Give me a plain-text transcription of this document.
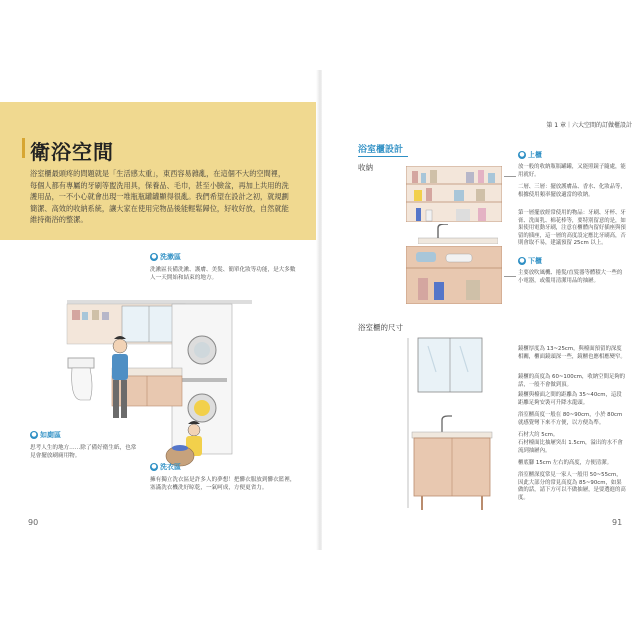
衛浴空間
浴室櫃最頭疼的問題就是「生活感太重」，東西容易雜亂，在這個不大的空間裡，每個人都有專屬的牙刷等盥洗用具，保養品、毛巾，甚至小臉盆，再加上共用的洗護用品，一不小心就會出現一堆瓶瓶罐罐顯得很亂。我們希望在設計之初，就規劃簡潔、高效的收納系統，讓大家在使用完物品後能輕鬆歸位，好收好放，自然就能維持衛浴的整潔。
● 洗漱區
洗漱區長備洗漱、護膚、美髮、簡單化妝等功能，是大多數人一天開始和結束的地方。
● 如廁區
思考人生的地方……除了備好衛生紙，也常見會擺放刷廁用物。
● 洗衣區
擁有獨立洗衣區是許多人的夢想！把髒衣服放到髒衣籃裡，塞滿洗衣機洗好晾乾，一氣呵成，方便更省力。
90
第 1 章｜六大空間的訂做櫃設計
浴室櫃設計
收納
● 上櫃
放一般的收納瓶瓶罐罐，又能照鏡子隨處，能用就好。
二層、三層：擺放護膚品、香水、化妝品等，根據使用頻率擺放適當的收納。
第一層擺放經常使用的物品：牙刷、牙杯、牙膏、洗面乳、棉花棒等，要特別留意的是，如果使用電動牙刷，注意在櫃體內留好插座與預留的插座，這一層的高度設定應比牙刷高，否則會取不易，建議預留 25cm 以上。
● 下櫃
主要放吹風機、捲髮/直髮器等體積大一些的小電器，或備用清潔用品的抽屜。
浴室櫃的尺寸
鏡櫃厚度為 13~25cm，與檯面預留的深度相關，櫃面鏡頭深一些，鏡櫃也應相應變窄。
鏡櫃的高度為 60~100cm，收納空間足夠的話，一般不會做到頂。
鏡櫃與檯面之間的距離為 35~40cm，這段距離足夠安裝可升降水龍頭。
浴室櫃高度一般在 80~90cm，小於 80cm 就感覺彎下來不方便，以方便為準。
石材大約 5cm。
石材檯面比抽屜突出 1.5cm，溢出的水不會流到抽屜內。
櫃底腳 15cm 左右的高度，方便清潔。
浴室櫃深度常見一家人一般用 50~55cm，因此大部分的常見高度為 85~90cm，如果做的話，請下方可以不做抽屜，是要選進的高度。
91
